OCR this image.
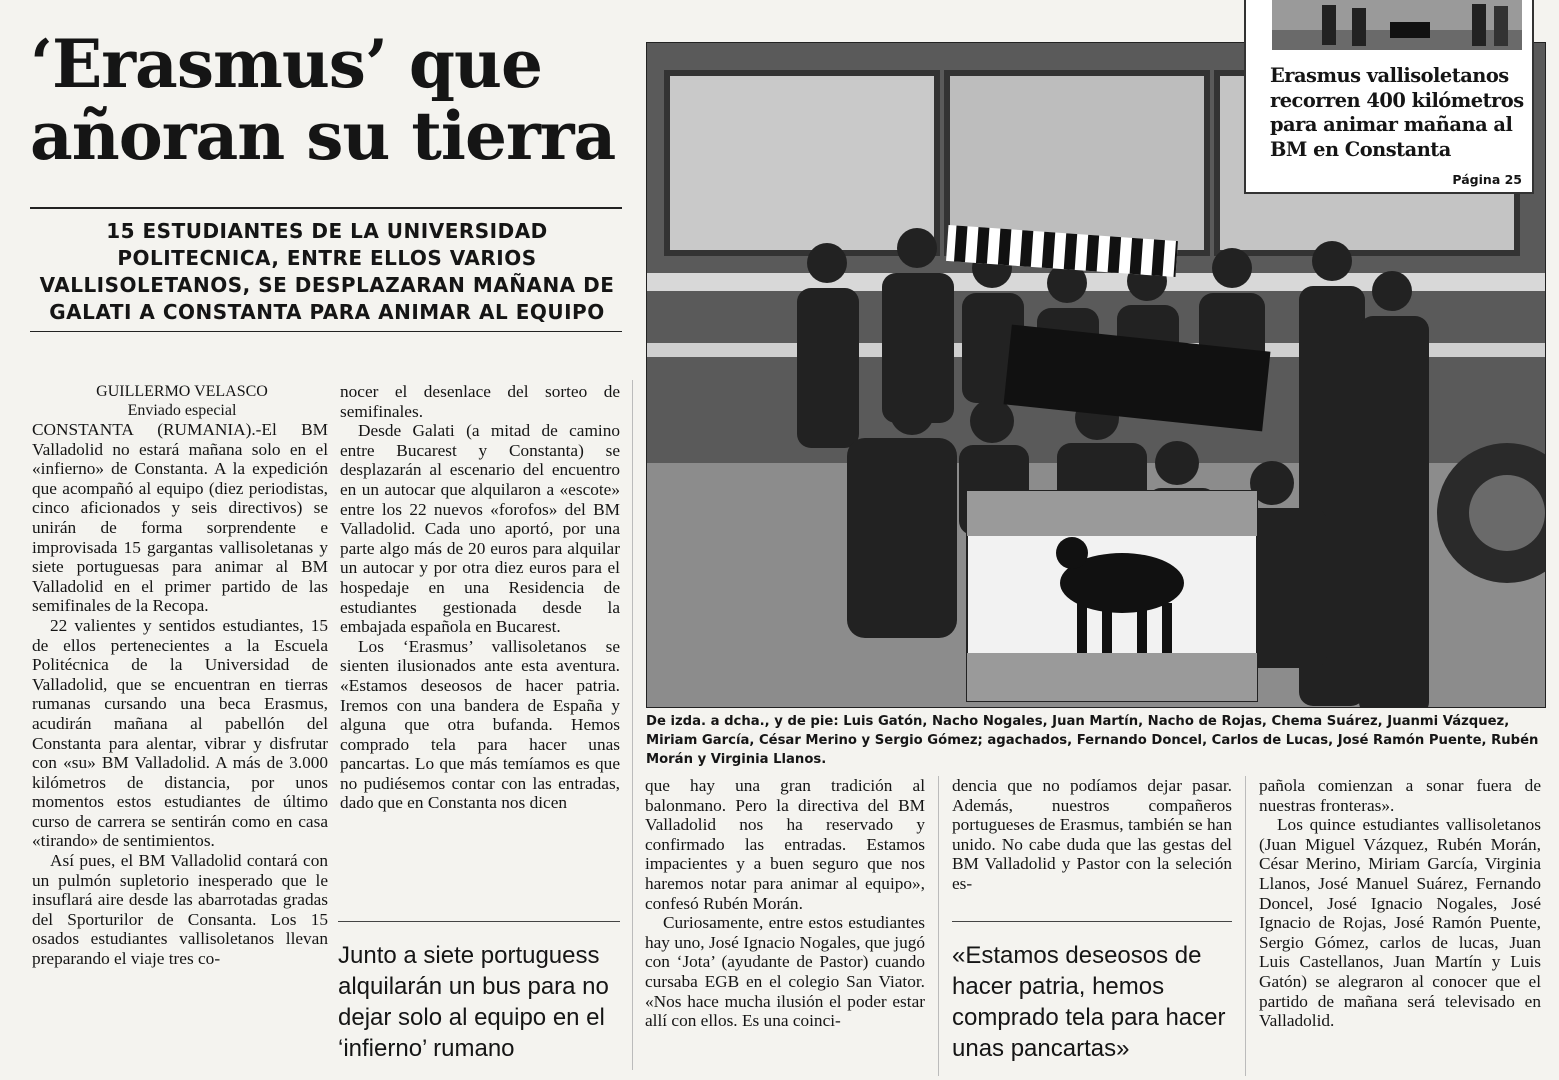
‘Erasmus’ que
añoran su tierra
15 ESTUDIANTES DE LA UNIVERSIDAD POLITECNICA, ENTRE ELLOS VARIOS VALLISOLETANOS, SE DESPLAZARAN MAÑANA DE GALATI A CONSTANTA PARA ANIMAR AL EQUIPO
GUILLERMO VELASCO
Enviado especial

CONSTANTA (RUMANIA).-El BM Valladolid no estará mañana solo en el «infierno» de Constanta. A la expedición que acompañó al equipo (diez periodistas, cinco aficionados y seis directivos) se unirán de forma sorprendente e improvisada 15 gargantas vallisoletanas y siete portuguesas para animar al BM Valladolid en el primer partido de las semifinales de la Recopa.

22 valientes y sentidos estudiantes, 15 de ellos pertenecientes a la Escuela Politécnica de la Universidad de Valladolid, que se encuentran en tierras rumanas cursando una beca Erasmus, acudirán mañana al pabellón del Constanta para alentar, vibrar y disfrutar con «su» BM Valladolid. A más de 3.000 kilómetros de distancia, por unos momentos estos estudiantes de último curso de carrera se sentirán como en casa «tirando» de sentimientos.

Así pues, el BM Valladolid contará con un pulmón supletorio inesperado que le insuflará aire desde las abarrotadas gradas del Sporturilor de Consanta. Los 15 osados estudiantes vallisoletanos llevan preparando el viaje tres co-

nocer el desenlace del sorteo de semifinales.

Desde Galati (a mitad de camino entre Bucarest y Constanta) se desplazarán al escenario del encuentro en un autocar que alquilaron a «escote» entre los 22 nuevos «forofos» del BM Valladolid. Cada uno aportó, por una parte algo más de 20 euros para alquilar un autocar y por otra diez euros para el hospedaje en una Residencia de estudiantes gestionada desde la embajada española en Bucarest.

Los ‘Erasmus’ vallisoletanos se sienten ilusionados ante esta aventura. «Estamos deseosos de hacer patria. Iremos con una bandera de España y alguna que otra bufanda. Hemos comprado tela para hacer unas pancartas. Lo que más temíamos es que no pudiésemos contar con las entradas, dado que en Constanta nos dicen

Junto a siete portuguess alquilarán un bus para no dejar solo al equipo en el ‘infierno’ rumano
De izda. a dcha., y de pie: Luis Gatón, Nacho Nogales, Juan Martín, Nacho de Rojas, Chema Suárez, Juanmi Vázquez, Miriam García, César Merino y Sergio Gómez; agachados, Fernando Doncel, Carlos de Lucas, José Ramón Puente, Rubén Morán y Virginia Llanos.
Erasmus vallisoletanos recorren 400 kilómetros para animar mañana al BM en Constanta
Página 25

que hay una gran tradición al balonmano. Pero la directiva del BM Valladolid nos ha reservado y confirmado las entradas. Estamos impacientes y a buen seguro que nos haremos notar para animar al equipo», confesó Rubén Morán.

Curiosamente, entre estos estudiantes hay uno, José Ignacio Nogales, que jugó con ‘Jota’ (ayudante de Pastor) cuando cursaba EGB en el colegio San Viator. «Nos hace mucha ilusión el poder estar allí con ellos. Es una coinci-

dencia que no podíamos dejar pasar. Además, nuestros compañeros portugueses de Erasmus, también se han unido. No cabe duda que las gestas del BM Valladolid y Pastor con la seleción es-

«Estamos deseosos de hacer patria, hemos comprado tela para hacer unas pancartas»

pañola comienzan a sonar fuera de nuestras fronteras».

Los quince estudiantes vallisoletanos (Juan Miguel Vázquez, Rubén Morán, César Merino, Miriam García, Virginia Llanos, José Manuel Suárez, Fernando Doncel, José Ignacio Nogales, José Ignacio de Rojas, José Ramón Puente, Sergio Gómez, carlos de lucas, Juan Luis Castellanos, Juan Martín y Luis Gatón) se alegraron al conocer que el partido de mañana será televisado en Valladolid.
